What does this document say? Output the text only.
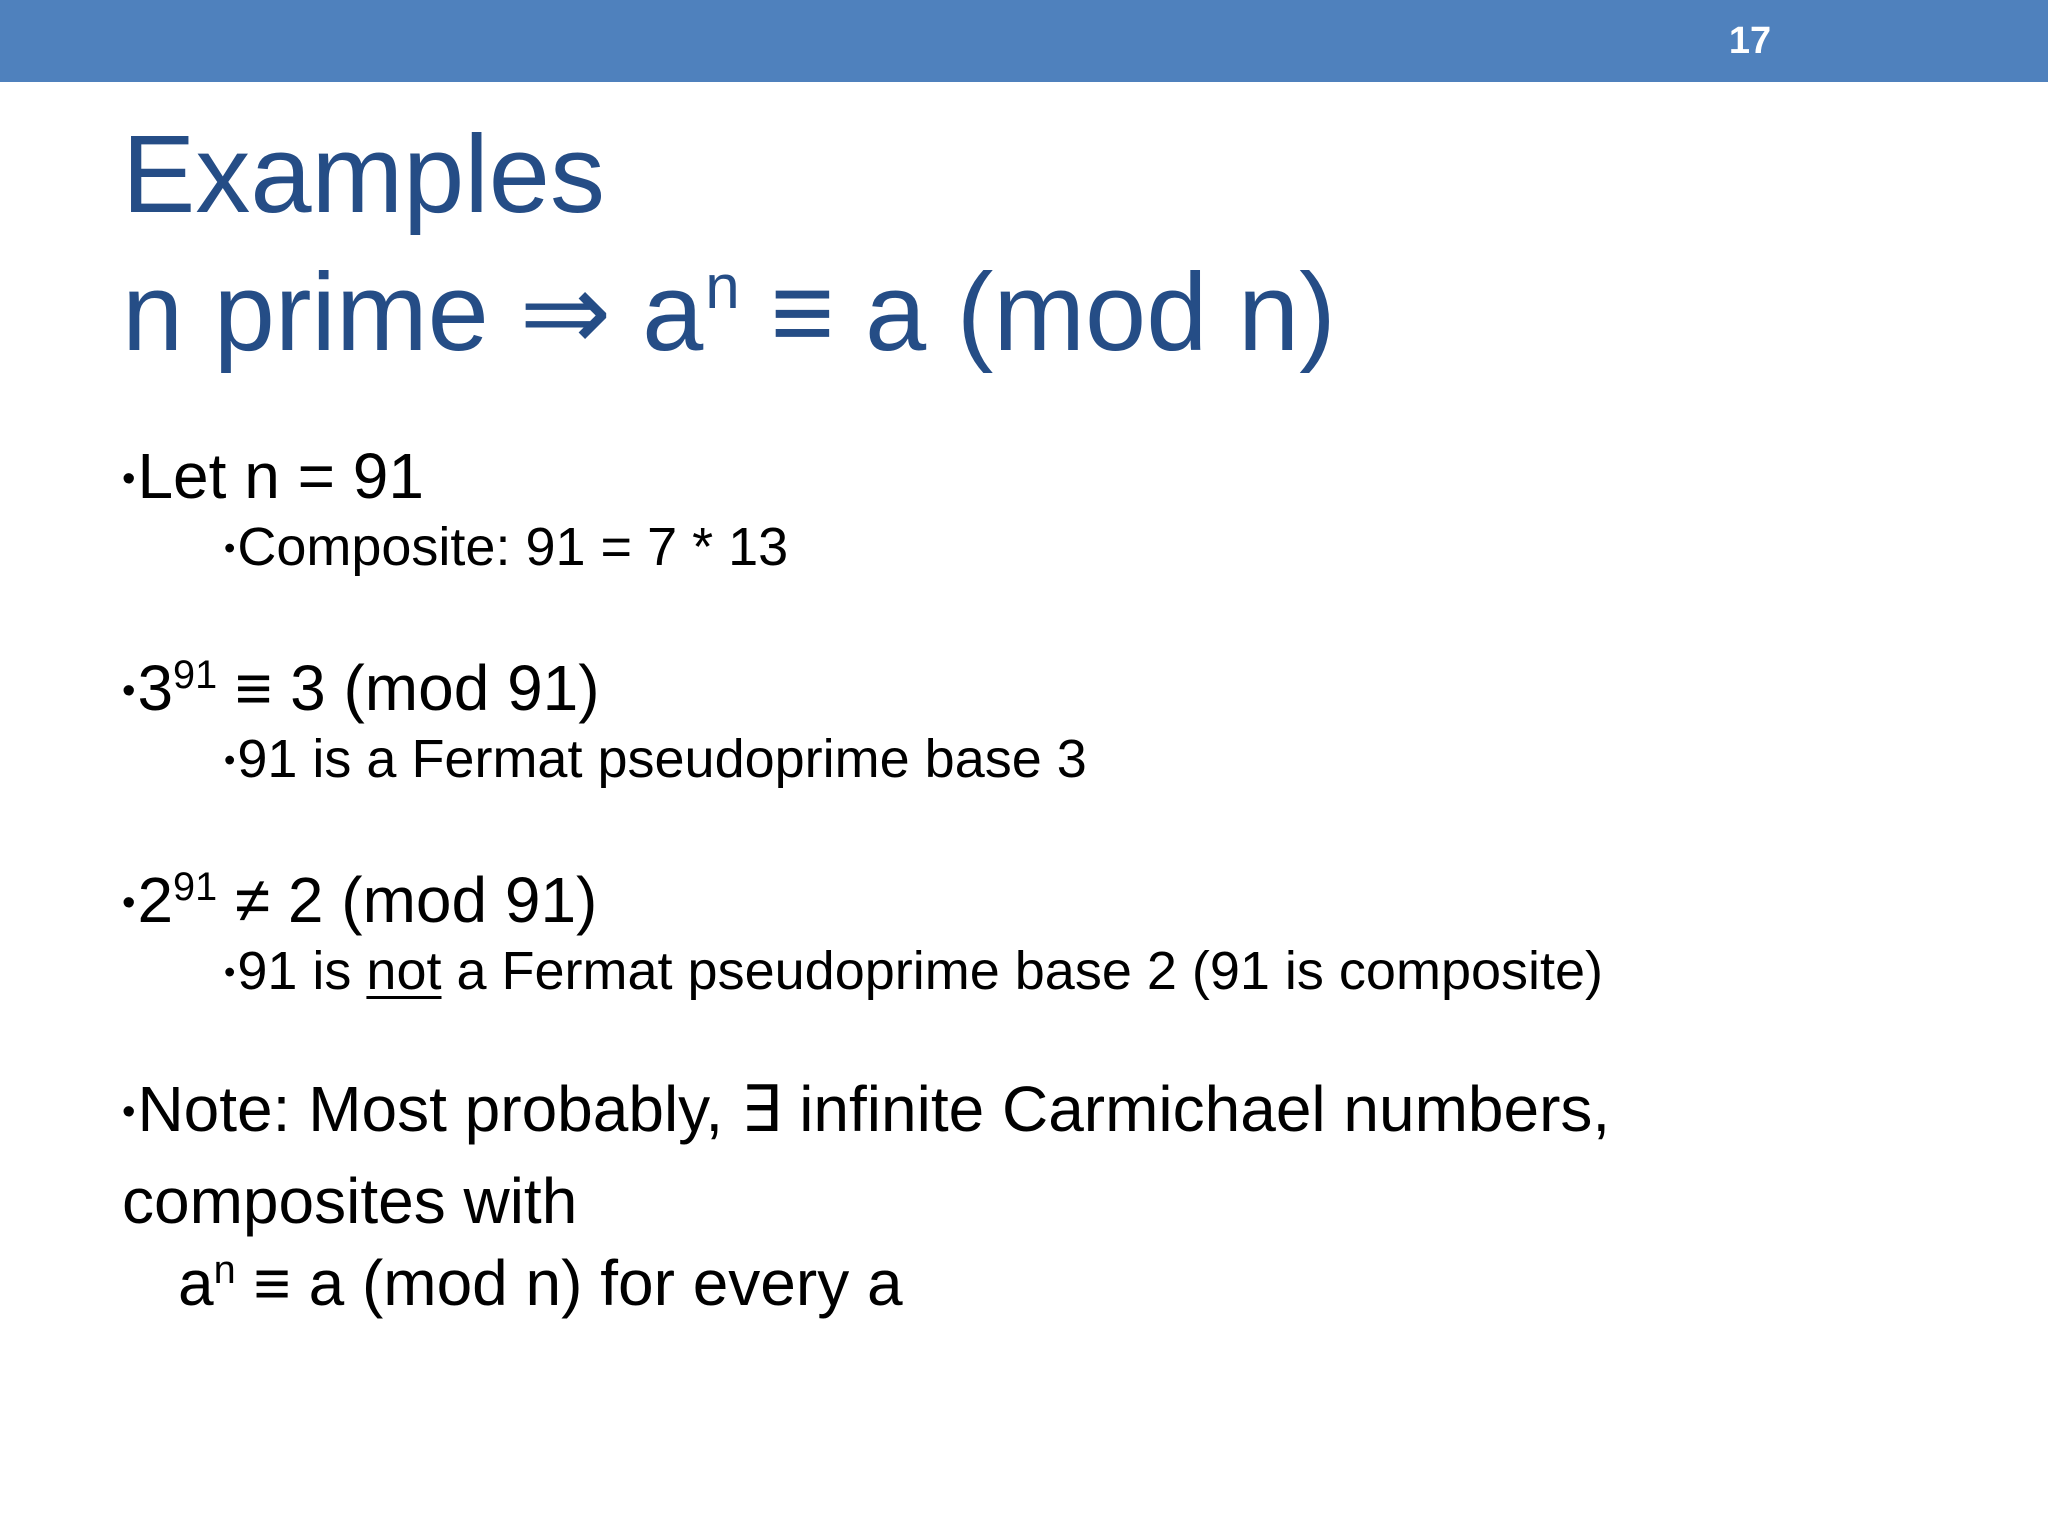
17
Examples
n prime ⇒ $a^n \equiv a$ (mod n)
•Let n = 91
•Composite: 91 = 7 * 13
$•3^{91} \equiv 3$ (mod 91)
•91 is a Fermat pseudoprime base 3
$•2^{91} \ne 2$ (mod 91)
•91 is not a Fermat pseudoprime base 2 (91 is composite)
•Note: Most probably, ∃ infinite Carmichael numbers,
composites with
$a^n \equiv a$ (mod n) for every a
